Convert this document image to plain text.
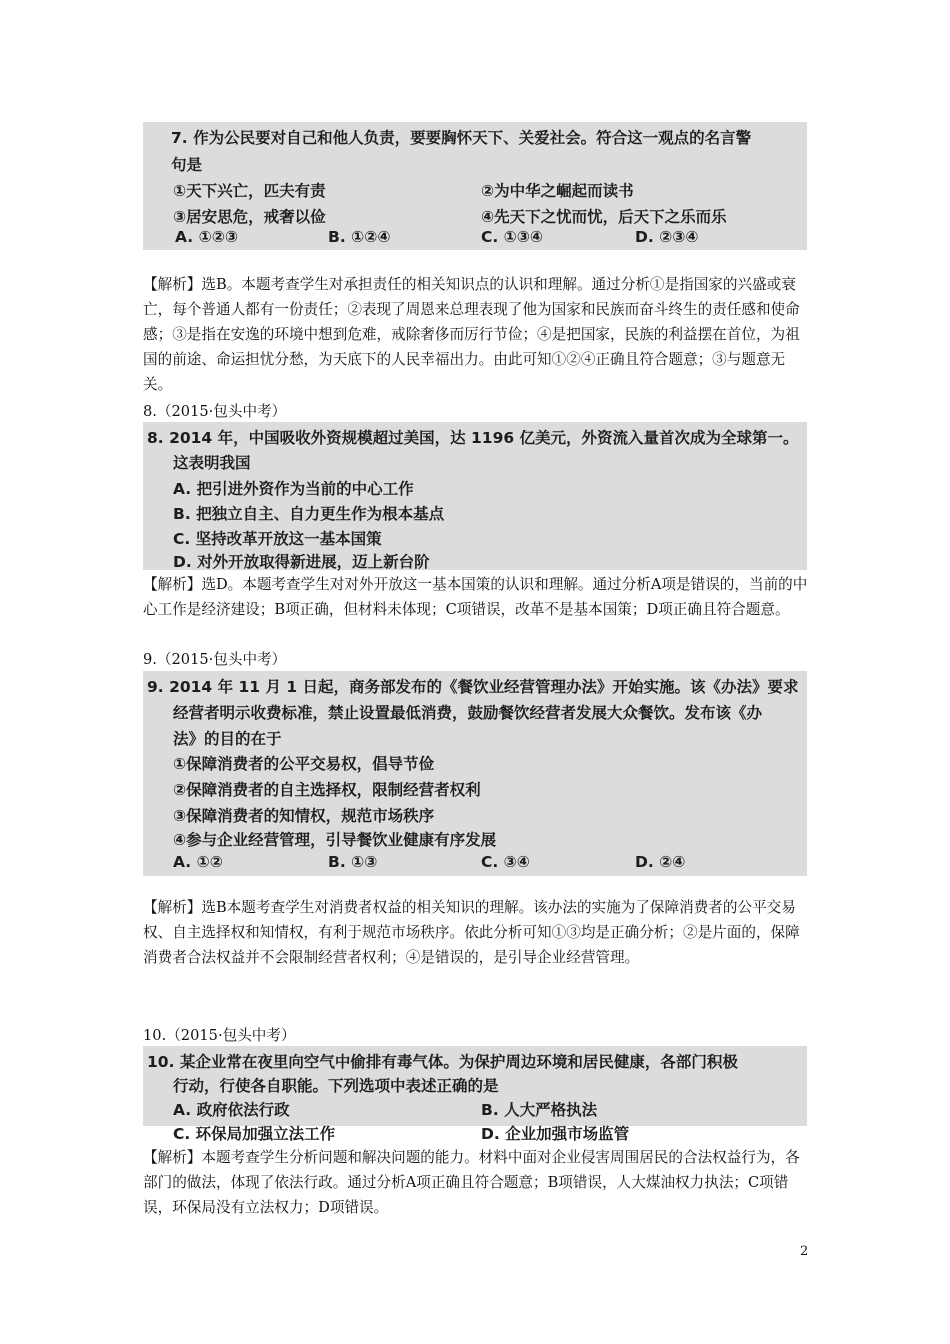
7. 作为公民要对自己和他人负责，要要胸怀天下、关爱社会。符合这一观点的名言警
句是
①天下兴亡，匹夫有责	②为中华之崛起而读书
③居安思危，戒奢以俭	④先天下之忧而忧，后天下之乐而乐
A. ①②③	B. ①②④	C. ①③④	D. ②③④
【解析】选B。本题考查学生对承担责任的相关知识点的认识和理解。通过分析①是指国家的兴盛或衰亡，每个普通人都有一份责任；②表现了周恩来总理表现了他为国家和民族而奋斗终生的责任感和使命感；③是指在安逸的环境中想到危难，戒除奢侈而厉行节俭；④是把国家，民族的利益摆在首位，为祖国的前途、命运担忧分愁，为天底下的人民幸福出力。由此可知①②④正确且符合题意；③与题意无关。
8.（2015·包头中考）
8. 2014 年，中国吸收外资规模超过美国，达 1196 亿美元，外资流入量首次成为全球第一。
这表明我国
A. 把引进外资作为当前的中心工作
B. 把独立自主、自力更生作为根本基点
C. 坚持改革开放这一基本国策
D. 对外开放取得新进展，迈上新台阶
【解析】选D。本题考查学生对对外开放这一基本国策的认识和理解。通过分析A项是错误的，当前的中心工作是经济建设；B项正确，但材料未体现；C项错误，改革不是基本国策；D项正确且符合题意。
9.（2015·包头中考）
9. 2014 年 11 月 1 日起，商务部发布的《餐饮业经营管理办法》开始实施。该《办法》要求
经营者明示收费标准，禁止设置最低消费，鼓励餐饮经营者发展大众餐饮。发布该《办
法》的目的在于
①保障消费者的公平交易权，倡导节俭
②保障消费者的自主选择权，限制经营者权利
③保障消费者的知情权，规范市场秩序
④参与企业经营管理，引导餐饮业健康有序发展
A. ①②	B. ①③	C. ③④	D. ②④
【解析】选B本题考查学生对消费者权益的相关知识的理解。该办法的实施为了保障消费者的公平交易权、自主选择权和知情权，有利于规范市场秩序。依此分析可知①③均是正确分析；②是片面的，保障消费者合法权益并不会限制经营者权利；④是错误的，是引导企业经营管理。
10.（2015·包头中考）
10. 某企业常在夜里向空气中偷排有毒气体。为保护周边环境和居民健康，各部门积极
行动，行使各自职能。下列选项中表述正确的是
A. 政府依法行政	B. 人大严格执法
C. 环保局加强立法工作	D. 企业加强市场监管
【解析】本题考查学生分析问题和解决问题的能力。材料中面对企业侵害周围居民的合法权益行为，各部门的做法，体现了依法行政。通过分析A项正确且符合题意；B项错误，人大煤油权力执法；C项错误，环保局没有立法权力；D项错误。
2
